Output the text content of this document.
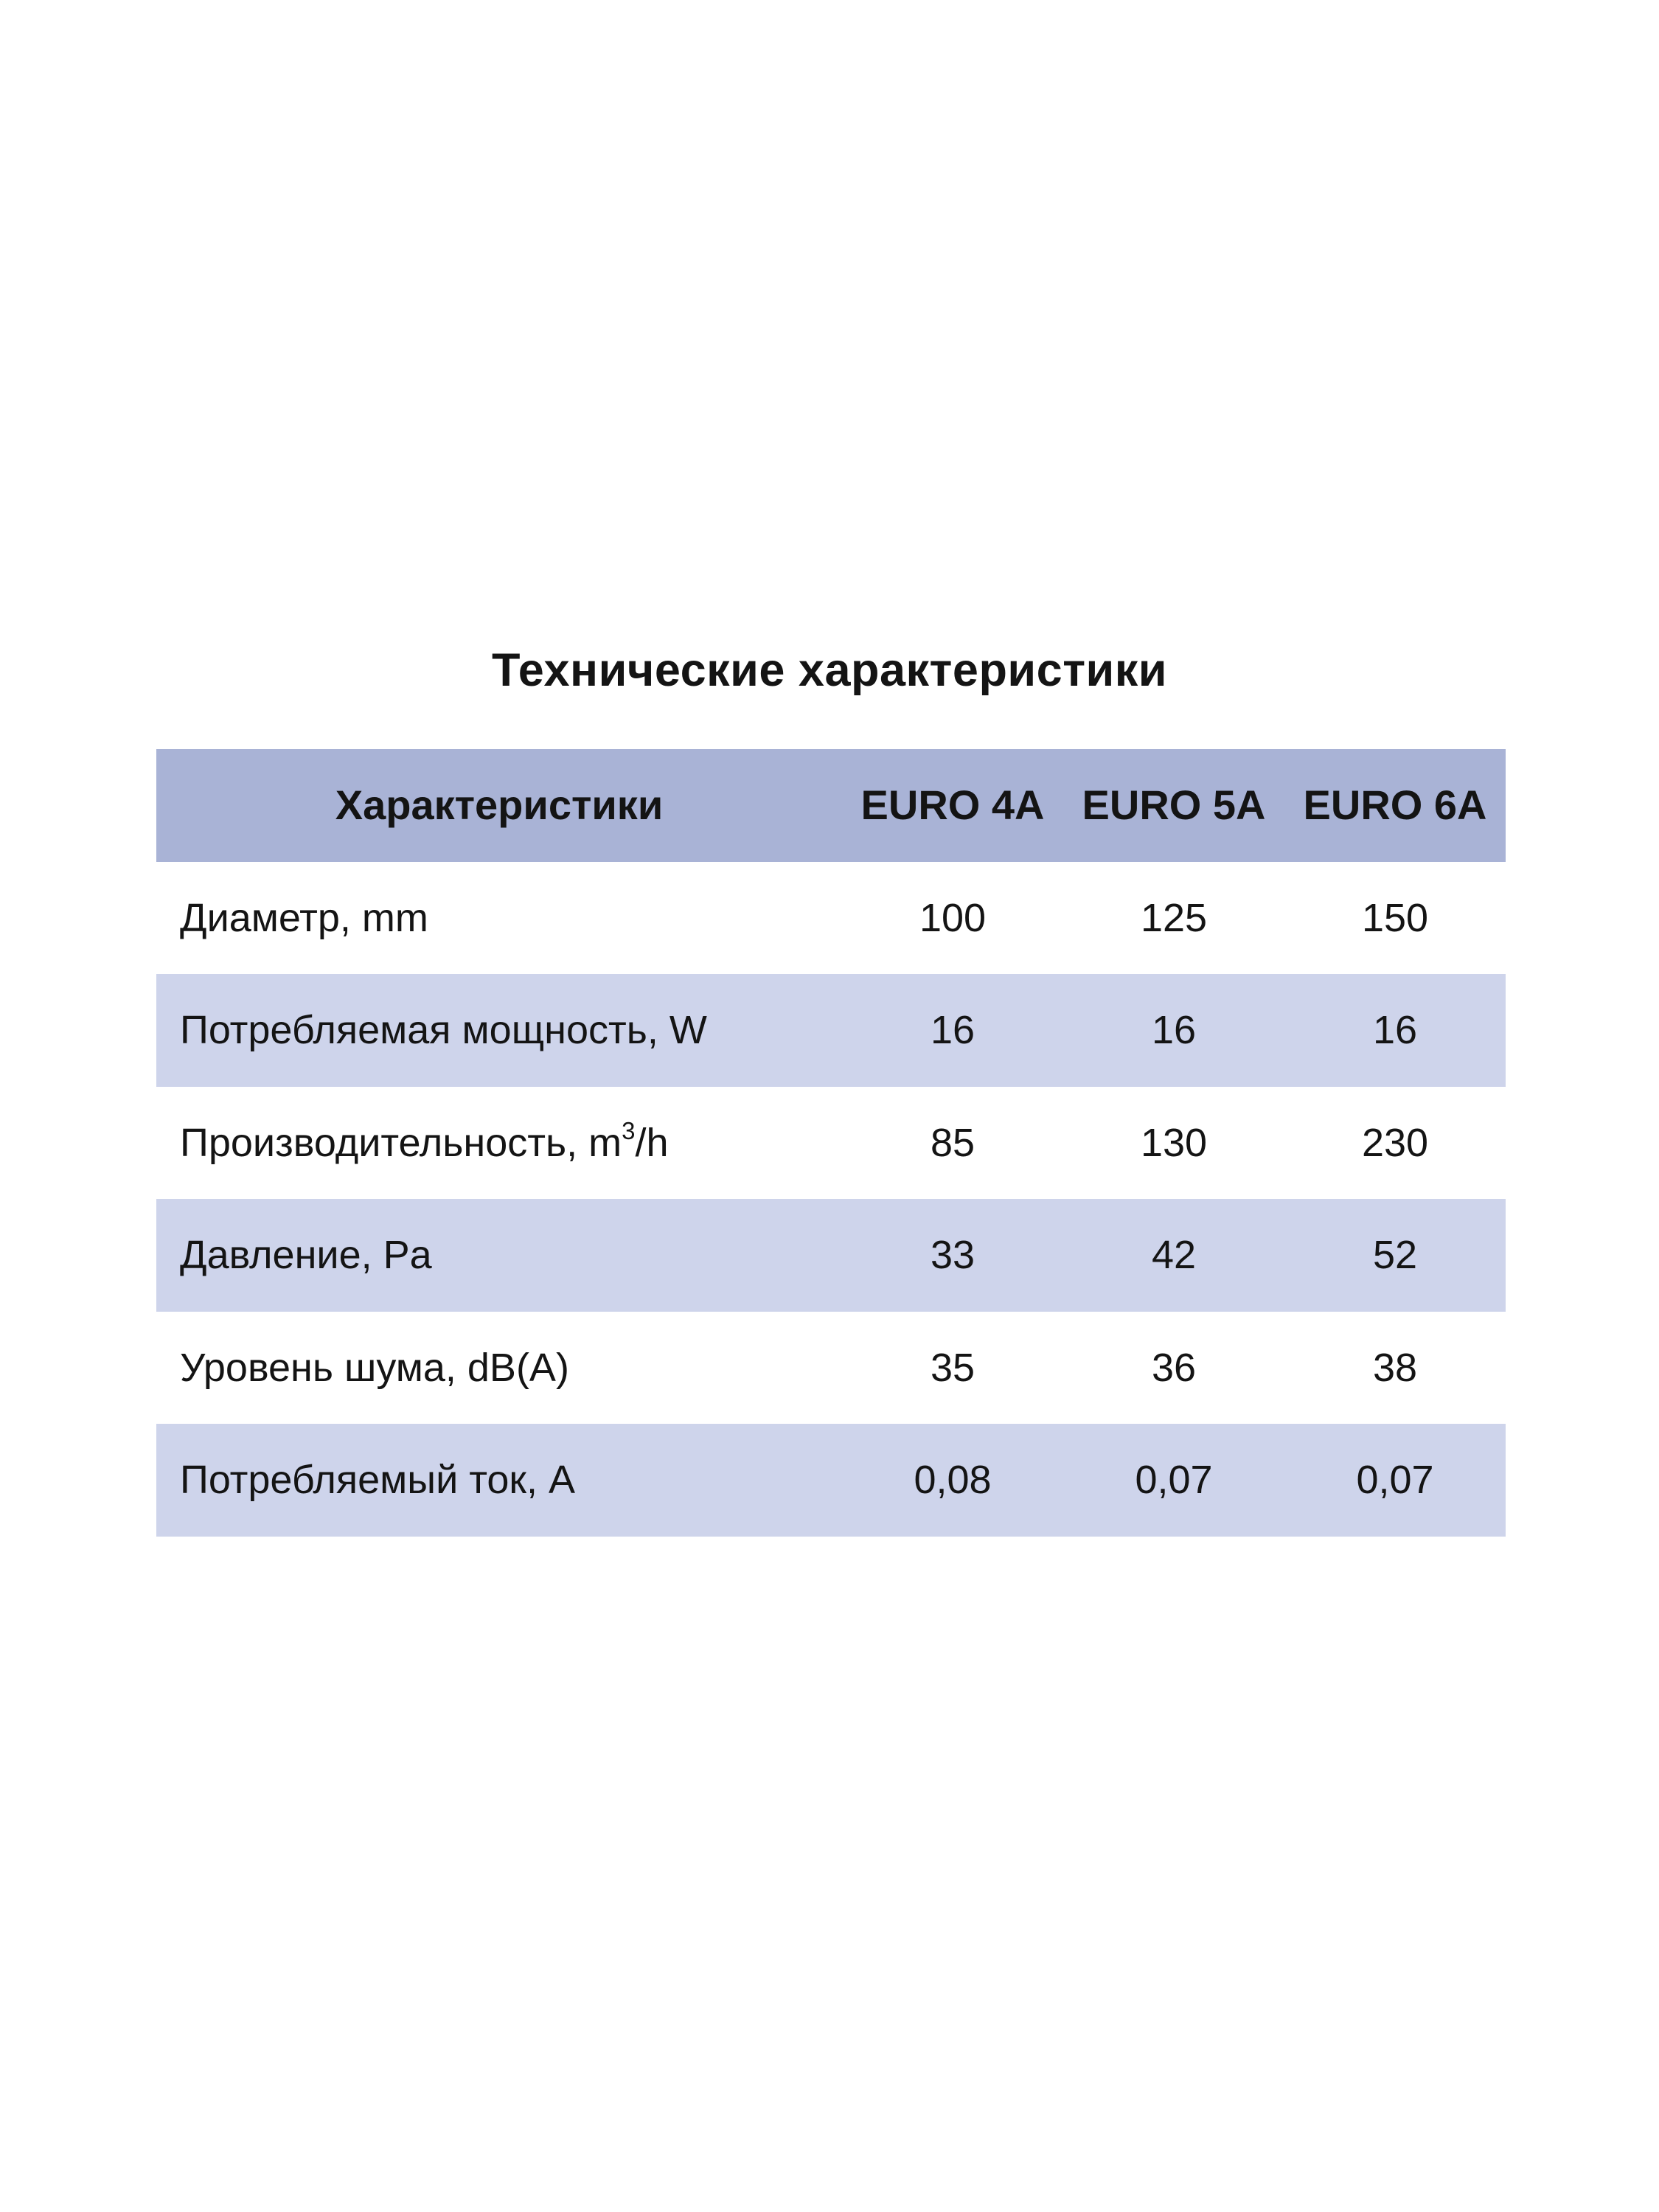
Технические характеристики
Характеристики	EURO 4A EURO 5A EURO 6A
Диаметр, mm	100	125	150
Потребляемая мощность, W	16	16	16
Производительность, $m^3/h$	85	130	230
Давление, Pa	33	42	52
Уровень шума, dB(A)	35	36	38
Потребляемый ток, A	0,08	0,07	0,07
